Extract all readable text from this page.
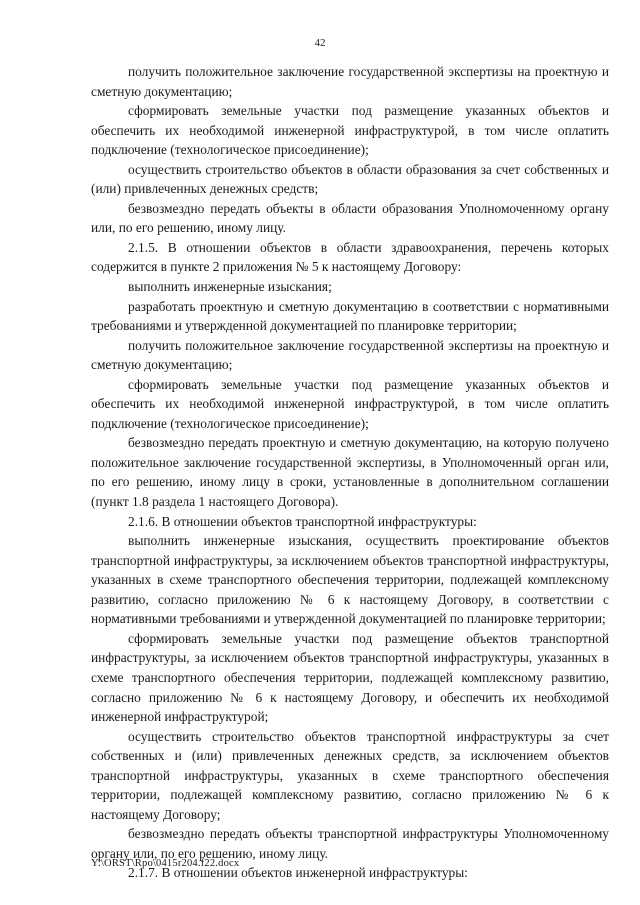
42

получить положительное заключение государственной экспертизы на проектную и сметную документацию;

сформировать земельные участки под размещение указанных объектов и обеспечить их необходимой инженерной инфраструктурой, в том числе оплатить подключение (технологическое присоединение);

осуществить строительство объектов в области образования за счет собственных и (или) привлеченных денежных средств;

безвозмездно передать объекты в области образования Уполномоченному органу или, по его решению, иному лицу.

2.1.5. В отношении объектов в области здравоохранения, перечень которых содержится в пункте 2 приложения № 5 к настоящему Договору:

выполнить инженерные изыскания;

разработать проектную и сметную документацию в соответствии с нормативными требованиями и утвержденной документацией по планировке территории;

получить положительное заключение государственной экспертизы на проектную и сметную документацию;

сформировать земельные участки под размещение указанных объектов и обеспечить их необходимой инженерной инфраструктурой, в том числе оплатить подключение (технологическое присоединение);

безвозмездно передать проектную и сметную документацию, на которую получено положительное заключение государственной экспертизы, в Уполномоченный орган или, по его решению, иному лицу в сроки, установленные в дополнительном соглашении (пункт 1.8 раздела 1 настоящего Договора).

2.1.6. В отношении объектов транспортной инфраструктуры:

выполнить инженерные изыскания, осуществить проектирование объектов транспортной инфраструктуры, за исключением объектов транспортной инфраструктуры, указанных в схеме транспортного обеспечения территории, подлежащей комплексному развитию, согласно приложению № 6 к настоящему Договору, в соответствии с нормативными требованиями и утвержденной документацией по планировке территории;

сформировать земельные участки под размещение объектов транспортной инфраструктуры, за исключением объектов транспортной инфраструктуры, указанных в схеме транспортного обеспечения территории, подлежащей комплексному развитию, согласно приложению № 6 к настоящему Договору, и обеспечить их необходимой инженерной инфраструктурой;

осуществить строительство объектов транспортной инфраструктуры за счет собственных и (или) привлеченных денежных средств, за исключением объектов транспортной инфраструктуры, указанных в схеме транспортного обеспечения территории, подлежащей комплексному развитию, согласно приложению № 6 к настоящему Договору;

безвозмездно передать объекты транспортной инфраструктуры Уполномоченному органу или, по его решению, иному лицу.

2.1.7. В отношении объектов инженерной инфраструктуры:

Y:\ORST\Rpo\0415r204.f22.docx
